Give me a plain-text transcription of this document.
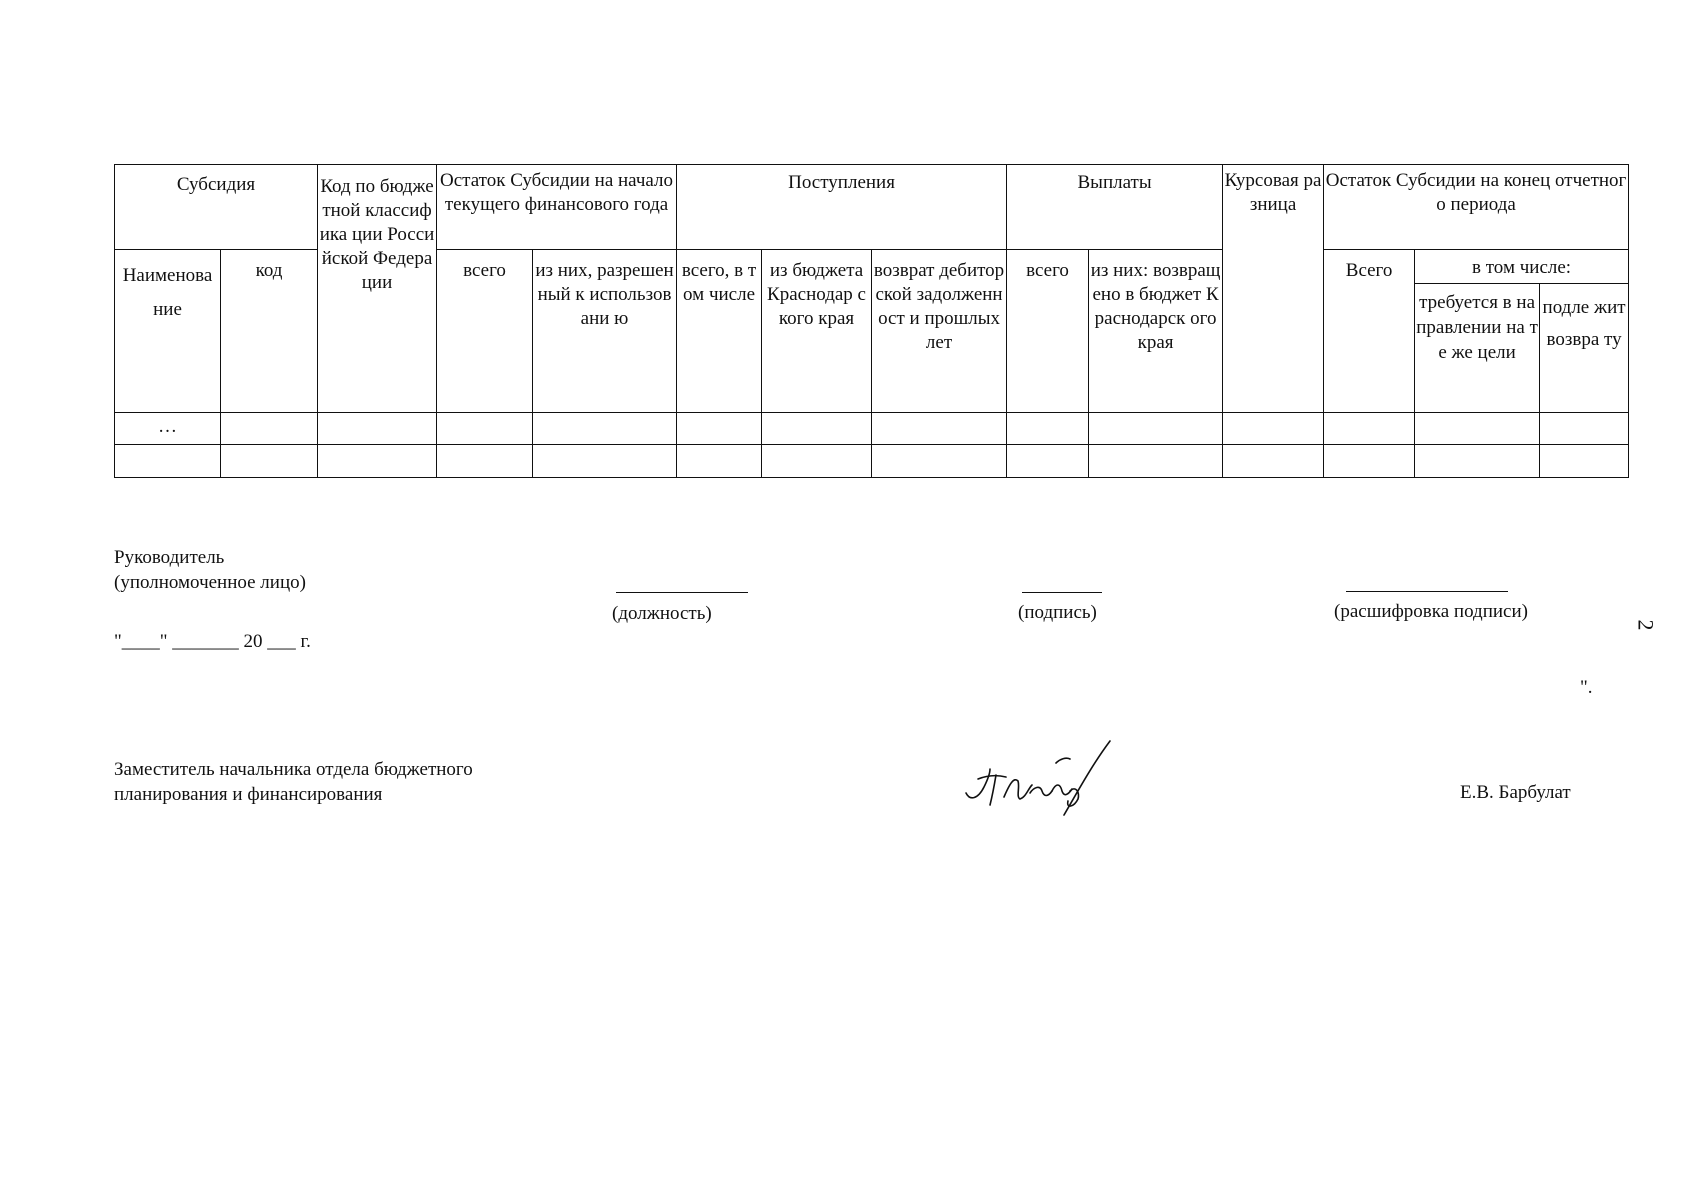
Субсидия		Код по бюджетной классифика ции Российской Федерации	Остаток Субсидии на начало текущего финансового года		Поступления			Выплаты		Курсовая разница	Остаток Субсидии на конец отчетного периода		
Наименова ние	код		всего	из них, разрешенный к использовани ю	всего, в том числе	из бюджета Краснодар ского края	возврат дебиторской задолженност и прошлых лет	всего	из них: возвращено в бюджет Краснодарск ого края		Всего	в том числе:	
												требуется в направлении на те же цели	подле жит возвра ту
…													

Руководитель
(уполномоченное лицо)
(должность)	(подпись)	(расшифровка подписи)
"____" _______ 20 ___ г.
2
".
Заместитель начальника отдела бюджетного
планирования и финансирования	Е.В. Барбулат
